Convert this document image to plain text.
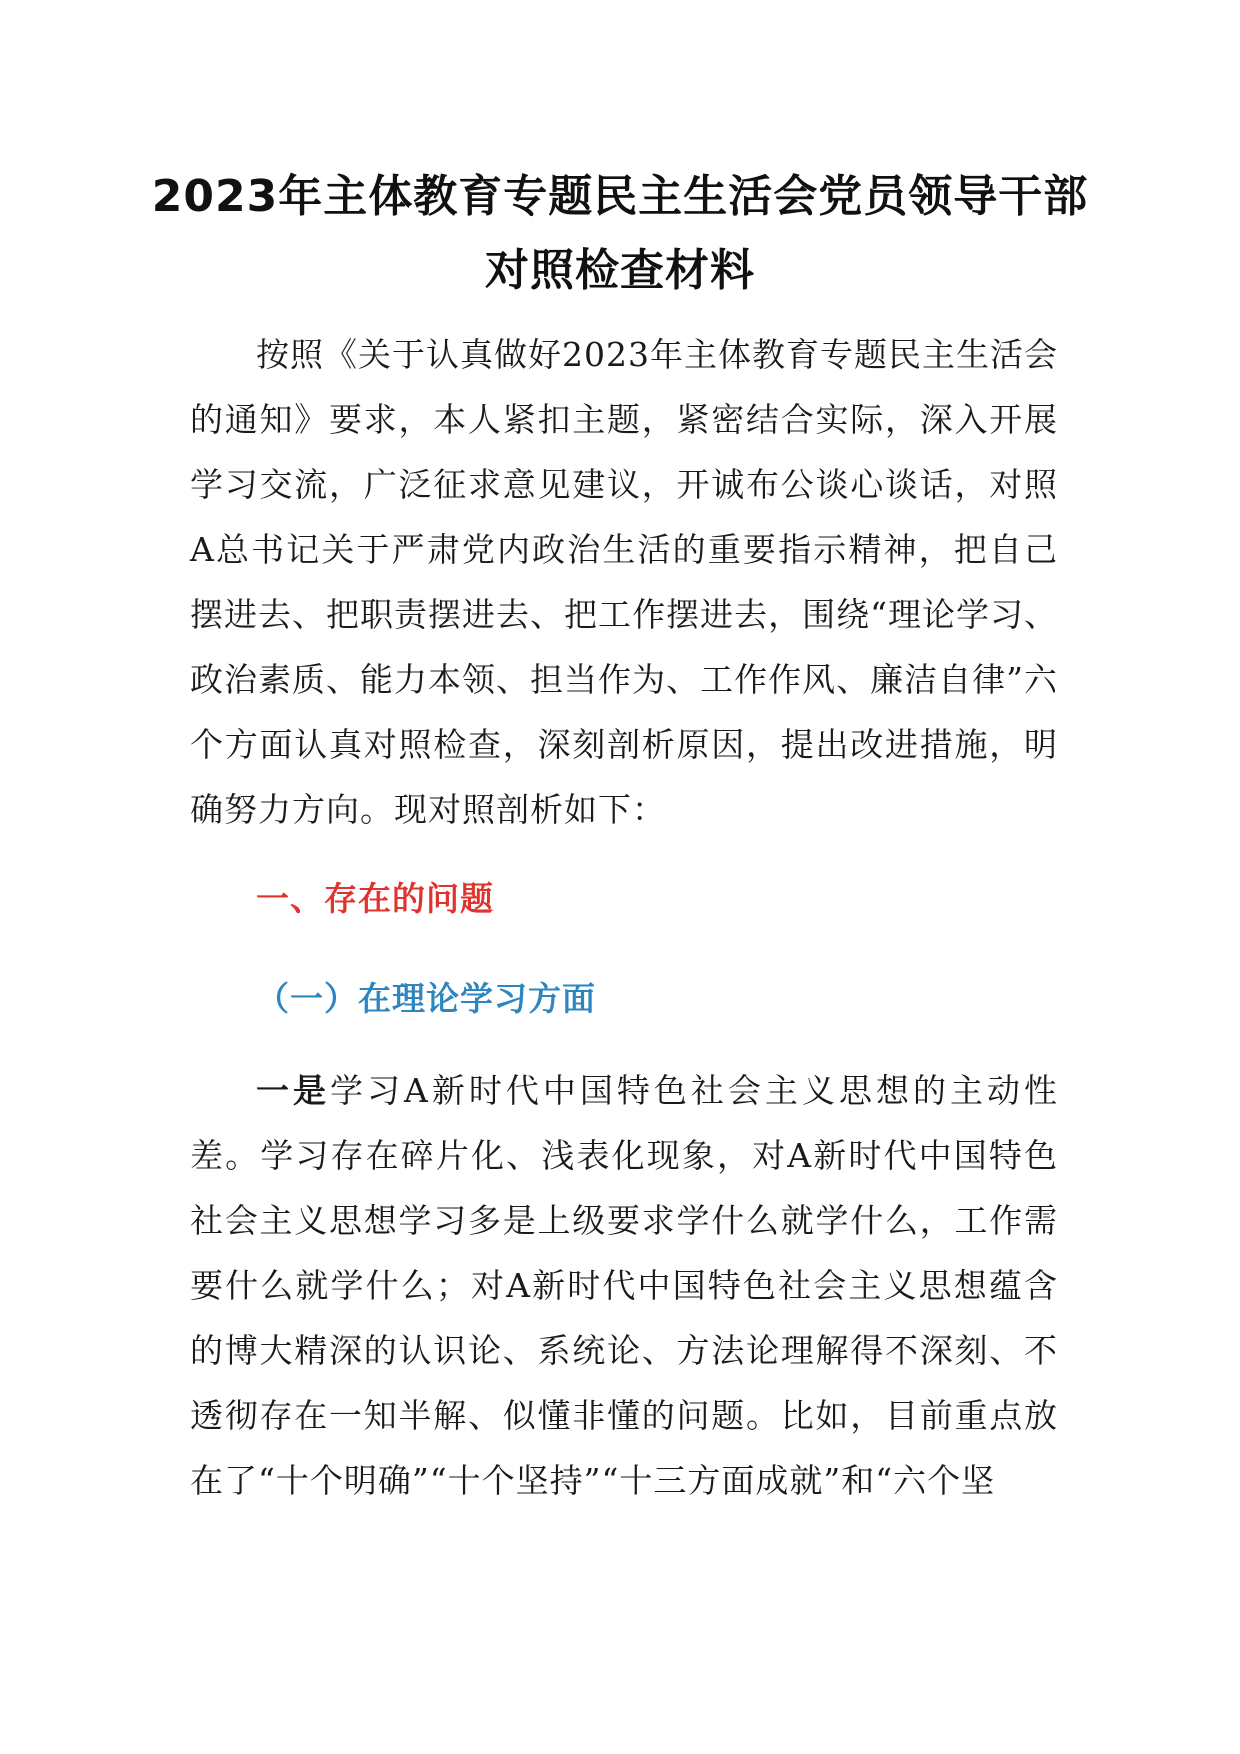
2023年主体教育专题民主生活会党员领导干部对照检查材料

按照《关于认真做好2023年主体教育专题民主生活会的通知》要求，本人紧扣主题，紧密结合实际，深入开展学习交流，广泛征求意见建议，开诚布公谈心谈话，对照A总书记关于严肃党内政治生活的重要指示精神，把自己摆进去、把职责摆进去、把工作摆进去，围绕“理论学习、政治素质、能力本领、担当作为、工作作风、廉洁自律”六个方面认真对照检查，深刻剖析原因，提出改进措施，明确努力方向。现对照剖析如下：

一、存在的问题
（一）在理论学习方面

一是学习A新时代中国特色社会主义思想的主动性差。学习存在碎片化、浅表化现象，对A新时代中国特色社会主义思想学习多是上级要求学什么就学什么，工作需要什么就学什么；对A新时代中国特色社会主义思想蕴含的博大精深的认识论、系统论、方法论理解得不深刻、不透彻存在一知半解、似懂非懂的问题。比如，目前重点放在了“十个明确”“十个坚持”“十三方面成就”和“六个坚
